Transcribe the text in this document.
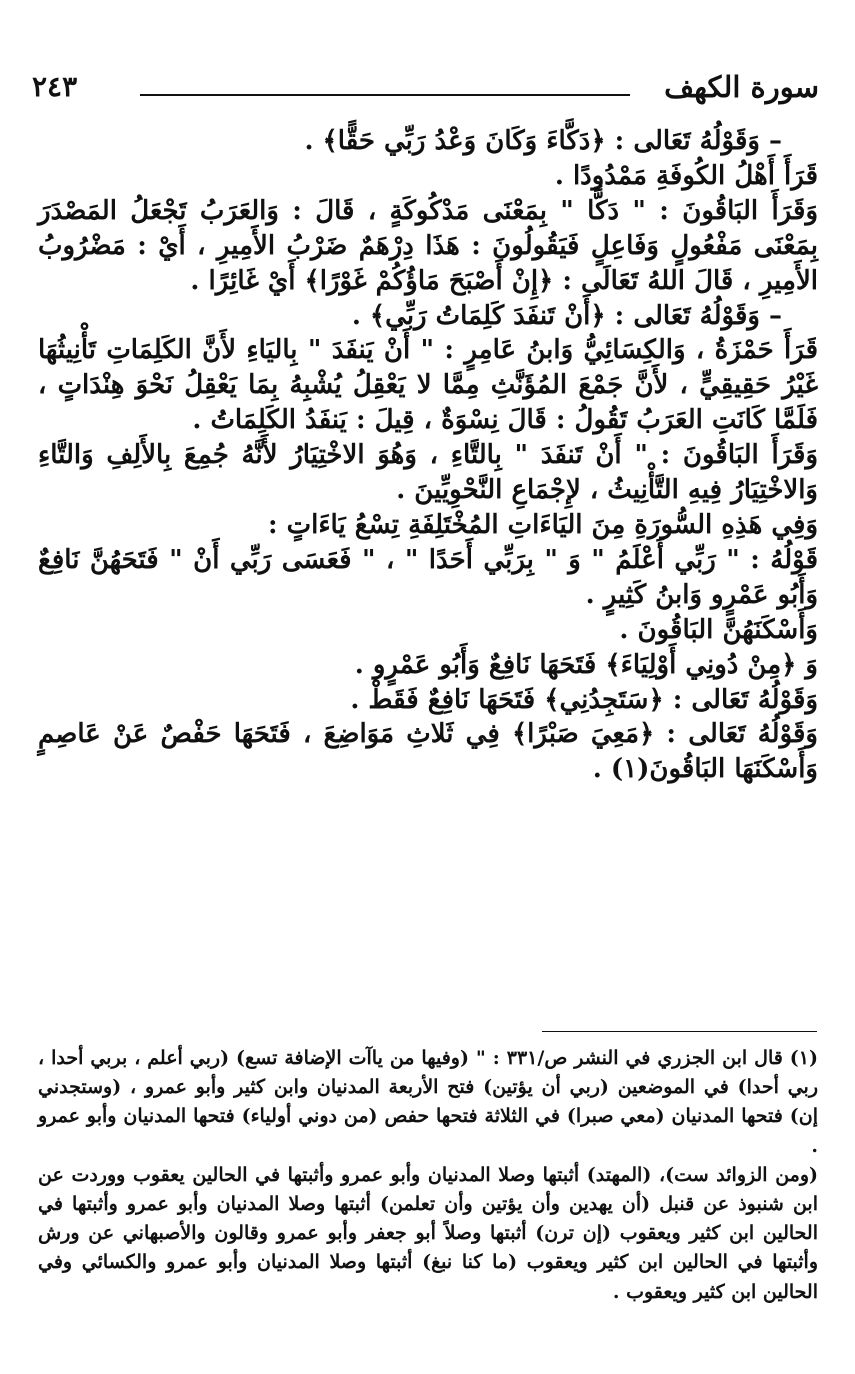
سورة الكهف
٢٤٣

– وَقَوْلُهُ تَعَالى : ﴿دَكَّاءَ وَكَانَ وَعْدُ رَبِّي حَقًّا﴾ .

قَرَأَ أَهْلُ الكُوفَةِ مَمْدُودًا .

وَقَرَأَ البَاقُونَ : " دَكًّا " بِمَعْنَى مَدْكُوكَةٍ ، قَالَ : وَالعَرَبُ تَجْعَلُ المَصْدَرَ بِمَعْنَى مَفْعُولٍ وَفَاعِلٍ فَيَقُولُونَ : هَذَا دِرْهَمٌ ضَرْبُ الأَمِيرِ ، أَيْ : مَضْرُوبُ الأَمِيرِ ، قَالَ اللهُ تَعَالَى : ﴿إِنْ أَصْبَحَ مَاؤُكُمْ غَوْرًا﴾ أَيْ غَائِرًا .

– وَقَوْلُهُ تَعَالى : ﴿أَنْ تَنفَدَ كَلِمَاتُ رَبِّي﴾ .

قَرَأَ حَمْزَةُ ، وَالكِسَائِيُّ وَابنُ عَامِرٍ : " أَنْ يَنفَدَ " بِاليَاءِ لأَنَّ الكَلِمَاتِ تَأْنِيثُهَا غَيْرُ حَقِيقِيٍّ ، لأَنَّ جَمْعَ المُؤَنَّثِ مِمَّا لا يَعْقِلُ يُشْبِهُ بِمَا يَعْقِلُ نَحْوَ هِنْدَاتٍ ، فَلَمَّا كَانَتِ العَرَبُ تَقُولُ : قَالَ نِسْوَةٌ ، قِيلَ : يَنفَدُ الكَلِمَاتُ .

وَقَرَأَ البَاقُونَ : " أَنْ تَنفَدَ " بِالتَّاءِ ، وَهُوَ الاخْتِيَارُ لأَنَّهُ جُمِعَ بِالأَلِفِ وَالتَّاءِ وَالاخْتِيَارُ فِيهِ التَّأْنِيثُ ، لإِجْمَاعِ النَّحْوِيِّينَ .

وَفِي هَذِهِ السُّورَةِ مِنَ اليَاءَاتِ المُخْتَلِفَةِ تِسْعُ يَاءَاتٍ :

قَوْلُهُ : " رَبِّي أَعْلَمُ " وَ " بِرَبِّي أَحَدًا " ، " فَعَسَى رَبِّي أَنْ " فَتَحَهُنَّ نَافِعٌ وَأَبُو عَمْرٍو وَابنُ كَثِيرٍ .

وَأَسْكَنَهُنَّ البَاقُونَ .

وَ ﴿مِنْ دُونِي أَوْلِيَاءَ﴾ فَتَحَهَا نَافِعٌ وَأَبُو عَمْرٍو .

وَقَوْلُهُ تَعَالى : ﴿سَتَجِدُنِي﴾ فَتَحَهَا نَافِعٌ فَقَطْ .

وَقَوْلُهُ تَعَالى : ﴿مَعِيَ صَبْرًا﴾ فِي ثَلاثِ مَوَاضِعَ ، فَتَحَهَا حَفْصٌ عَنْ عَاصِمٍ وَأَسْكَنَهَا البَاقُونَ(١) .

(١) قال ابن الجزري في النشر ص/٣٣١ : " (وفيها من ياآت الإضافة تسع) (ربي أعلم ، بربي أحدا ، ربي أحدا) في الموضعين (ربي أن يؤتين) فتح الأربعة المدنيان وابن كثير وأبو عمرو ، (وستجدني إن) فتحها المدنيان (معي صبرا) في الثلاثة فتحها حفص (من دوني أولياء) فتحها المدنيان وأبو عمرو .

(ومن الزوائد ست)، (المهتد) أثبتها وصلا المدنيان وأبو عمرو وأثبتها في الحالين يعقوب ووردت عن ابن شنبوذ عن قنبل (أن يهدين وأن يؤتين وأن تعلمن) أثبتها وصلا المدنيان وأبو عمرو وأثبتها في الحالين ابن كثير ويعقوب (إن ترن) أثبتها وصلاً أبو جعفر وأبو عمرو وقالون والأصبهاني عن ورش وأثبتها في الحالين ابن كثير ويعقوب (ما كنا نبغ) أثبتها وصلا المدنيان وأبو عمرو والكسائي وفي الحالين ابن كثير ويعقوب .
